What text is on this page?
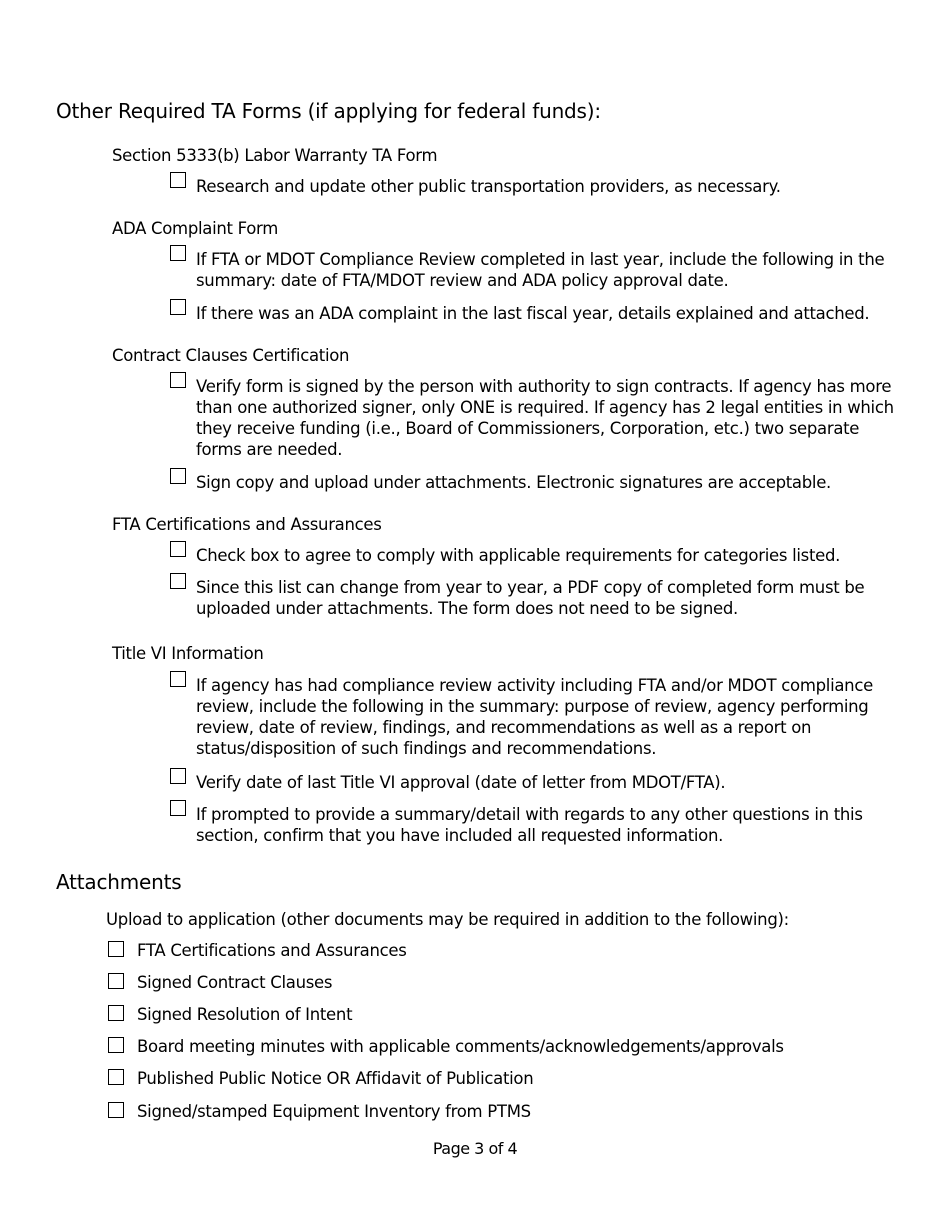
Other Required TA Forms (if applying for federal funds):
Section 5333(b) Labor Warranty TA Form
Research and update other public transportation providers, as necessary.
ADA Complaint Form
If FTA or MDOT Compliance Review completed in last year, include the following in the summary: date of FTA/MDOT review and ADA policy approval date.
If there was an ADA complaint in the last fiscal year, details explained and attached.
Contract Clauses Certification
Verify form is signed by the person with authority to sign contracts. If agency has more than one authorized signer, only ONE is required. If agency has 2 legal entities in which they receive funding (i.e., Board of Commissioners, Corporation, etc.) two separate forms are needed.
Sign copy and upload under attachments. Electronic signatures are acceptable.
FTA Certifications and Assurances
Check box to agree to comply with applicable requirements for categories listed.
Since this list can change from year to year, a PDF copy of completed form must be uploaded under attachments. The form does not need to be signed.
Title VI Information
If agency has had compliance review activity including FTA and/or MDOT compliance review, include the following in the summary: purpose of review, agency performing review, date of review, findings, and recommendations as well as a report on status/disposition of such findings and recommendations.
Verify date of last Title VI approval (date of letter from MDOT/FTA).
If prompted to provide a summary/detail with regards to any other questions in this section, confirm that you have included all requested information.
Attachments
Upload to application (other documents may be required in addition to the following):
FTA Certifications and Assurances
Signed Contract Clauses
Signed Resolution of Intent
Board meeting minutes with applicable comments/acknowledgements/approvals
Published Public Notice OR Affidavit of Publication
Signed/stamped Equipment Inventory from PTMS
Page 3 of 4
